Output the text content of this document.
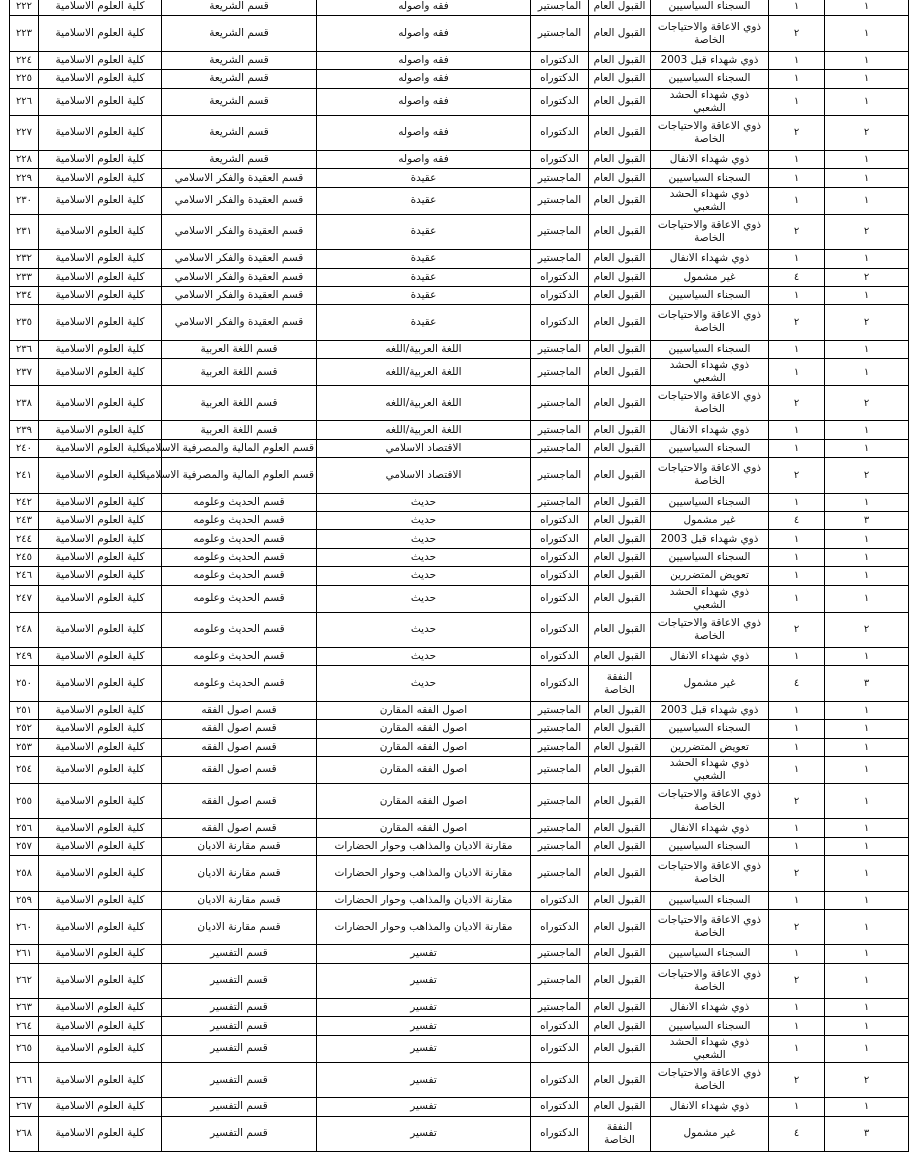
٢٢٢	كلية العلوم الاسلامية	قسم الشريعة	فقه واصوله	الماجستير	القبول العام	السجناء السياسيين	١	١
٢٢٣	كلية العلوم الاسلامية	قسم الشريعة	فقه واصوله	الماجستير	القبول العام	ذوي الاعاقة والاحتياجات الخاصة	٢	١
٢٢٤	كلية العلوم الاسلامية	قسم الشريعة	فقه واصوله	الدكتوراه	القبول العام	ذوي شهداء قبل 2003	١	١
٢٢٥	كلية العلوم الاسلامية	قسم الشريعة	فقه واصوله	الدكتوراه	القبول العام	السجناء السياسيين	١	١
٢٢٦	كلية العلوم الاسلامية	قسم الشريعة	فقه واصوله	الدكتوراه	القبول العام	ذوي شهداء الحشد الشعبي	١	١
٢٢٧	كلية العلوم الاسلامية	قسم الشريعة	فقه واصوله	الدكتوراه	القبول العام	ذوي الاعاقة والاحتياجات الخاصة	٢	٢
٢٢٨	كلية العلوم الاسلامية	قسم الشريعة	فقه واصوله	الدكتوراه	القبول العام	ذوي شهداء الانفال	١	١
٢٢٩	كلية العلوم الاسلامية	قسم العقيدة والفكر الاسلامي	عقيدة	الماجستير	القبول العام	السجناء السياسيين	١	١
٢٣٠	كلية العلوم الاسلامية	قسم العقيدة والفكر الاسلامي	عقيدة	الماجستير	القبول العام	ذوي شهداء الحشد الشعبي	١	١
٢٣١	كلية العلوم الاسلامية	قسم العقيدة والفكر الاسلامي	عقيدة	الماجستير	القبول العام	ذوي الاعاقة والاحتياجات الخاصة	٢	٢
٢٣٢	كلية العلوم الاسلامية	قسم العقيدة والفكر الاسلامي	عقيدة	الماجستير	القبول العام	ذوي شهداء الانفال	١	١
٢٣٣	كلية العلوم الاسلامية	قسم العقيدة والفكر الاسلامي	عقيدة	الدكتوراه	القبول العام	غير مشمول	٤	٢
٢٣٤	كلية العلوم الاسلامية	قسم العقيدة والفكر الاسلامي	عقيدة	الدكتوراه	القبول العام	السجناء السياسيين	١	١
٢٣٥	كلية العلوم الاسلامية	قسم العقيدة والفكر الاسلامي	عقيدة	الدكتوراه	القبول العام	ذوي الاعاقة والاحتياجات الخاصة	٢	٢
٢٣٦	كلية العلوم الاسلامية	قسم اللغة العربية	اللغة العربية/اللغه	الماجستير	القبول العام	السجناء السياسيين	١	١
٢٣٧	كلية العلوم الاسلامية	قسم اللغة العربية	اللغة العربية/اللغه	الماجستير	القبول العام	ذوي شهداء الحشد الشعبي	١	١
٢٣٨	كلية العلوم الاسلامية	قسم اللغة العربية	اللغة العربية/اللغه	الماجستير	القبول العام	ذوي الاعاقة والاحتياجات الخاصة	٢	٢
٢٣٩	كلية العلوم الاسلامية	قسم اللغة العربية	اللغة العربية/اللغه	الماجستير	القبول العام	ذوي شهداء الانفال	١	١
٢٤٠	كلية العلوم الاسلامية	قسم العلوم المالية والمصرفية الاسلامية	الاقتصاد الاسلامي	الماجستير	القبول العام	السجناء السياسيين	١	١
٢٤١	كلية العلوم الاسلامية	قسم العلوم المالية والمصرفية الاسلامية	الاقتصاد الاسلامي	الماجستير	القبول العام	ذوي الاعاقة والاحتياجات الخاصة	٢	٢
٢٤٢	كلية العلوم الاسلامية	قسم الحديث وعلومه	حديث	الماجستير	القبول العام	السجناء السياسيين	١	١
٢٤٣	كلية العلوم الاسلامية	قسم الحديث وعلومه	حديث	الدكتوراه	القبول العام	غير مشمول	٤	٣
٢٤٤	كلية العلوم الاسلامية	قسم الحديث وعلومه	حديث	الدكتوراه	القبول العام	ذوي شهداء قبل 2003	١	١
٢٤٥	كلية العلوم الاسلامية	قسم الحديث وعلومه	حديث	الدكتوراه	القبول العام	السجناء السياسيين	١	١
٢٤٦	كلية العلوم الاسلامية	قسم الحديث وعلومه	حديث	الدكتوراه	القبول العام	تعويض المتضررين	١	١
٢٤٧	كلية العلوم الاسلامية	قسم الحديث وعلومه	حديث	الدكتوراه	القبول العام	ذوي شهداء الحشد الشعبي	١	١
٢٤٨	كلية العلوم الاسلامية	قسم الحديث وعلومه	حديث	الدكتوراه	القبول العام	ذوي الاعاقة والاحتياجات الخاصة	٢	٢
٢٤٩	كلية العلوم الاسلامية	قسم الحديث وعلومه	حديث	الدكتوراه	القبول العام	ذوي شهداء الانفال	١	١
٢٥٠	كلية العلوم الاسلامية	قسم الحديث وعلومه	حديث	الدكتوراه	النفقة الخاصة	غير مشمول	٤	٣
٢٥١	كلية العلوم الاسلامية	قسم اصول الفقه	اصول الفقه المقارن	الماجستير	القبول العام	ذوي شهداء قبل 2003	١	١
٢٥٢	كلية العلوم الاسلامية	قسم اصول الفقه	اصول الفقه المقارن	الماجستير	القبول العام	السجناء السياسيين	١	١
٢٥٣	كلية العلوم الاسلامية	قسم اصول الفقه	اصول الفقه المقارن	الماجستير	القبول العام	تعويض المتضررين	١	١
٢٥٤	كلية العلوم الاسلامية	قسم اصول الفقه	اصول الفقه المقارن	الماجستير	القبول العام	ذوي شهداء الحشد الشعبي	١	١
٢٥٥	كلية العلوم الاسلامية	قسم اصول الفقه	اصول الفقه المقارن	الماجستير	القبول العام	ذوي الاعاقة والاحتياجات الخاصة	٢	١
٢٥٦	كلية العلوم الاسلامية	قسم اصول الفقه	اصول الفقه المقارن	الماجستير	القبول العام	ذوي شهداء الانفال	١	١
٢٥٧	كلية العلوم الاسلامية	قسم مقارنة الاديان	مقارنة الاديان والمذاهب وحوار الحضارات	الماجستير	القبول العام	السجناء السياسيين	١	١
٢٥٨	كلية العلوم الاسلامية	قسم مقارنة الاديان	مقارنة الاديان والمذاهب وحوار الحضارات	الماجستير	القبول العام	ذوي الاعاقة والاحتياجات الخاصة	٢	١
٢٥٩	كلية العلوم الاسلامية	قسم مقارنة الاديان	مقارنة الاديان والمذاهب وحوار الحضارات	الدكتوراه	القبول العام	السجناء السياسيين	١	١
٢٦٠	كلية العلوم الاسلامية	قسم مقارنة الاديان	مقارنة الاديان والمذاهب وحوار الحضارات	الدكتوراه	القبول العام	ذوي الاعاقة والاحتياجات الخاصة	٢	١
٢٦١	كلية العلوم الاسلامية	قسم التفسير	تفسير	الماجستير	القبول العام	السجناء السياسيين	١	١
٢٦٢	كلية العلوم الاسلامية	قسم التفسير	تفسير	الماجستير	القبول العام	ذوي الاعاقة والاحتياجات الخاصة	٢	١
٢٦٣	كلية العلوم الاسلامية	قسم التفسير	تفسير	الماجستير	القبول العام	ذوي شهداء الانفال	١	١
٢٦٤	كلية العلوم الاسلامية	قسم التفسير	تفسير	الدكتوراه	القبول العام	السجناء السياسيين	١	١
٢٦٥	كلية العلوم الاسلامية	قسم التفسير	تفسير	الدكتوراه	القبول العام	ذوي شهداء الحشد الشعبي	١	١
٢٦٦	كلية العلوم الاسلامية	قسم التفسير	تفسير	الدكتوراه	القبول العام	ذوي الاعاقة والاحتياجات الخاصة	٢	٢
٢٦٧	كلية العلوم الاسلامية	قسم التفسير	تفسير	الدكتوراه	القبول العام	ذوي شهداء الانفال	١	١
٢٦٨	كلية العلوم الاسلامية	قسم التفسير	تفسير	الدكتوراه	النفقة الخاصة	غير مشمول	٤	٣
